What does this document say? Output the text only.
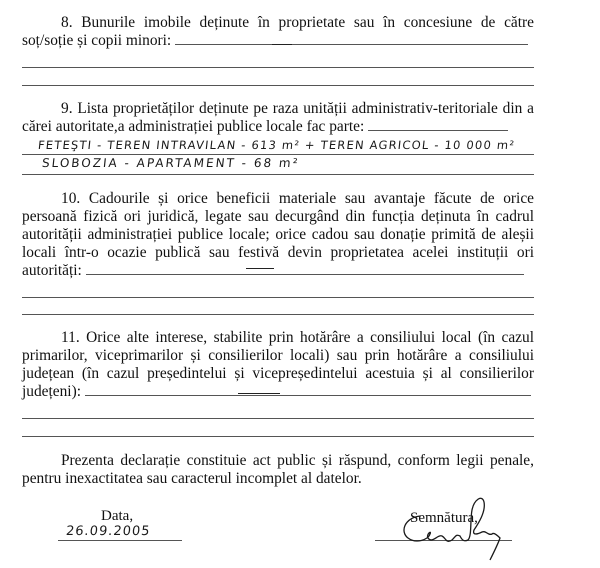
8. Bunurile imobile deținute în proprietate sau în concesiune de către
soț/soție și copii minori:
9. Lista proprietăților deținute pe raza unității administrativ-teritoriale din a
cărei autoritate,a administrației publice locale fac parte:
FETEŞTI - TEREN INTRAVILAN - 613 m² + TEREN AGRICOL - 10 000 m²
SLOBOZIA - APARTAMENT - 68 m²
10. Cadourile și orice beneficii materiale sau avantaje făcute de orice
persoană fizică ori juridică, legate sau decurgând din funcția deținuta în cadrul
autorității administrației publice locale; orice cadou sau donație primită de aleșii
locali într-o ocazie publică sau festivă devin proprietatea acelei instituții ori
autorități:
11. Orice alte interese, stabilite prin hotărâre a consiliului local (în cazul
primarilor, viceprimarilor și consilierilor locali) sau prin hotărâre a consiliului
județean (în cazul președintelui și vicepreședintelui acestuia și al consilierilor
județeni):
Prezenta declarație constituie act public și răspund, conform legii penale,
pentru inexactitatea sau caracterul incomplet al datelor.
Data,
26.09.2005
Semnătura,
